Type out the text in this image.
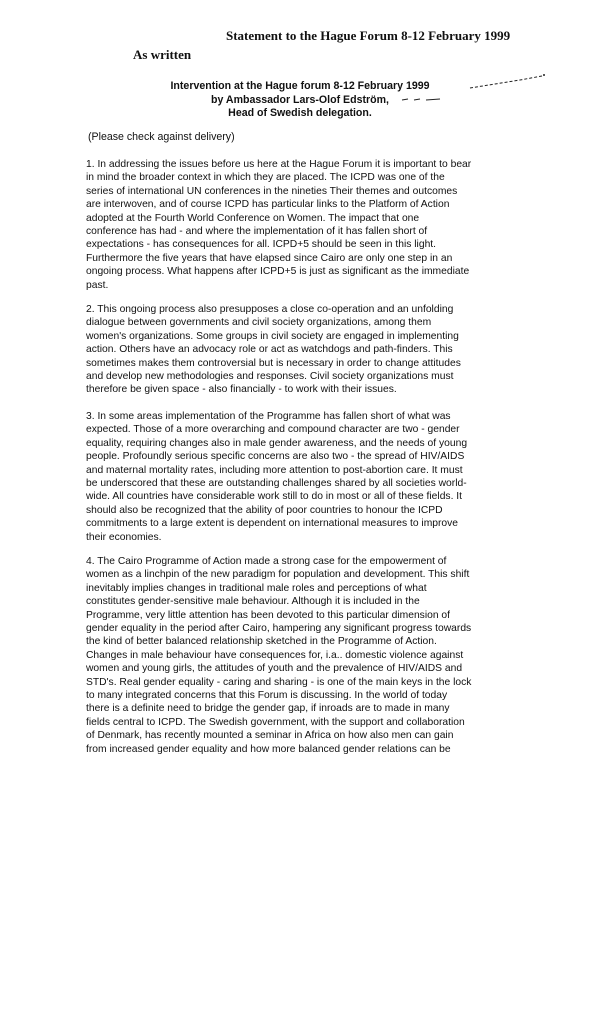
Statement to the Hague Forum 8-12 February 1999
As written
Intervention at the Hague forum 8-12 February 1999
by Ambassador Lars-Olof Edström,
Head of Swedish delegation.
(Please check against delivery)
1. In addressing the issues before us here at the Hague Forum it is important to bear
in mind the broader context in which they are placed. The ICPD was one of the
series of international UN conferences in the nineties Their themes and outcomes
are interwoven, and of course ICPD has particular links to the Platform of Action
adopted at the Fourth World Conference on Women. The impact that one
conference has had - and where the implementation of it has fallen short of
expectations - has consequences for all. ICPD+5 should be seen in this light.
Furthermore the five years that have elapsed since Cairo are only one step in an
ongoing process. What happens after ICPD+5 is just as significant as the immediate
past.
2. This ongoing process also presupposes a close co-operation and an unfolding
dialogue between governments and civil society organizations, among them
women's organizations. Some groups in civil society are engaged in implementing
action. Others have an advocacy role or act as watchdogs and path-finders. This
sometimes makes them controversial but is necessary in order to change attitudes
and develop new methodologies and responses. Civil society organizations must
therefore be given space - also financially - to work with their issues.
3. In some areas implementation of the Programme has fallen short of what was
expected. Those of a more overarching and compound character are two - gender
equality, requiring changes also in male gender awareness, and the needs of young
people. Profoundly serious specific concerns are also two - the spread of HIV/AIDS
and maternal mortality rates, including more attention to post-abortion care. It must
be underscored that these are outstanding challenges shared by all societies world-
wide. All countries have considerable work still to do in most or all of these fields. It
should also be recognized that the ability of poor countries to honour the ICPD
commitments to a large extent is dependent on international measures to improve
their economies.
4. The Cairo Programme of Action made a strong case for the empowerment of
women as a linchpin of the new paradigm for population and development. This shift
inevitably implies changes in traditional male roles and perceptions of what
constitutes gender-sensitive male behaviour. Although it is included in the
Programme, very little attention has been devoted to this particular dimension of
gender equality in the period after Cairo, hampering any significant progress towards
the kind of better balanced relationship sketched in the Programme of Action.
Changes in male behaviour have consequences for, i.a.. domestic violence against
women and young girls, the attitudes of youth and the prevalence of HIV/AIDS and
STD's. Real gender equality - caring and sharing - is one of the main keys in the lock
to many integrated concerns that this Forum is discussing. In the world of today
there is a definite need to bridge the gender gap, if inroads are to made in many
fields central to ICPD. The Swedish government, with the support and collaboration
of Denmark, has recently mounted a seminar in Africa on how also men can gain
from increased gender equality and how more balanced gender relations can be
